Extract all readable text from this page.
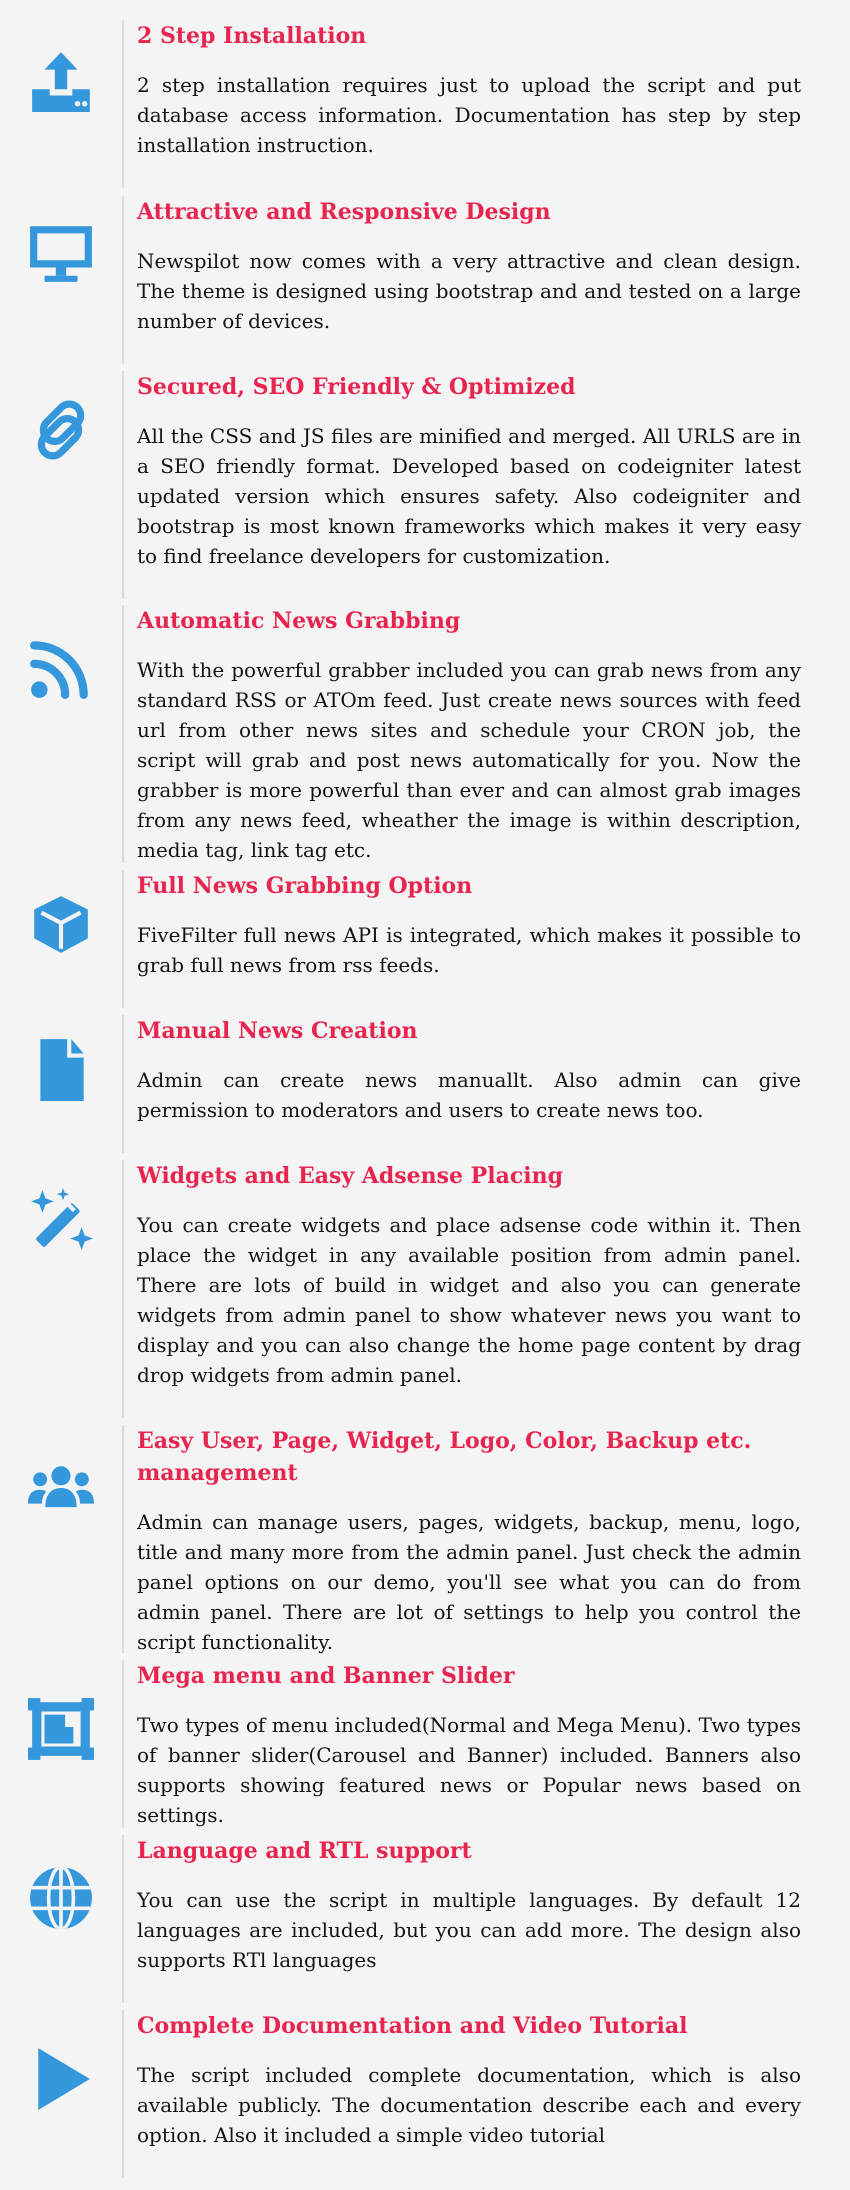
2 Step Installation

2 step installation requires just to upload the script and put database access information. Documentation has step by step installation instruction.

Attractive and Responsive Design

Newspilot now comes with a very attractive and clean design. The theme is designed using bootstrap and and tested on a large number of devices.

Secured, SEO Friendly & Optimized

All the CSS and JS files are minified and merged. All URLS are in a SEO friendly format. Developed based on codeigniter latest updated version which ensures safety. Also codeigniter and bootstrap is most known frameworks which makes it very easy to find freelance developers for customization.

Automatic News Grabbing

With the powerful grabber included you can grab news from any standard RSS or ATOm feed. Just create news sources with feed url from other news sites and schedule your CRON job, the script will grab and post news automatically for you. Now the grabber is more powerful than ever and can almost grab images from any news feed, wheather the image is within description, media tag, link tag etc.

Full News Grabbing Option

FiveFilter full news API is integrated, which makes it possible to grab full news from rss feeds.

Manual News Creation

Admin can create news manuallt. Also admin can give permission to moderators and users to create news too.

Widgets and Easy Adsense Placing

You can create widgets and place adsense code within it. Then place the widget in any available position from admin panel. There are lots of build in widget and also you can generate widgets from admin panel to show whatever news you want to display and you can also change the home page content by drag drop widgets from admin panel.

Easy User, Page, Widget, Logo, Color, Backup etc. management

Admin can manage users, pages, widgets, backup, menu, logo, title and many more from the admin panel. Just check the admin panel options on our demo, you'll see what you can do from admin panel. There are lot of settings to help you control the script functionality.

Mega menu and Banner Slider

Two types of menu included(Normal and Mega Menu). Two types of banner slider(Carousel and Banner) included. Banners also supports showing featured news or Popular news based on settings.

Language and RTL support

You can use the script in multiple languages. By default 12 languages are included, but you can add more. The design also supports RTl languages

Complete Documentation and Video Tutorial

The script included complete documentation, which is also available publicly. The documentation describe each and every option. Also it included a simple video tutorial
